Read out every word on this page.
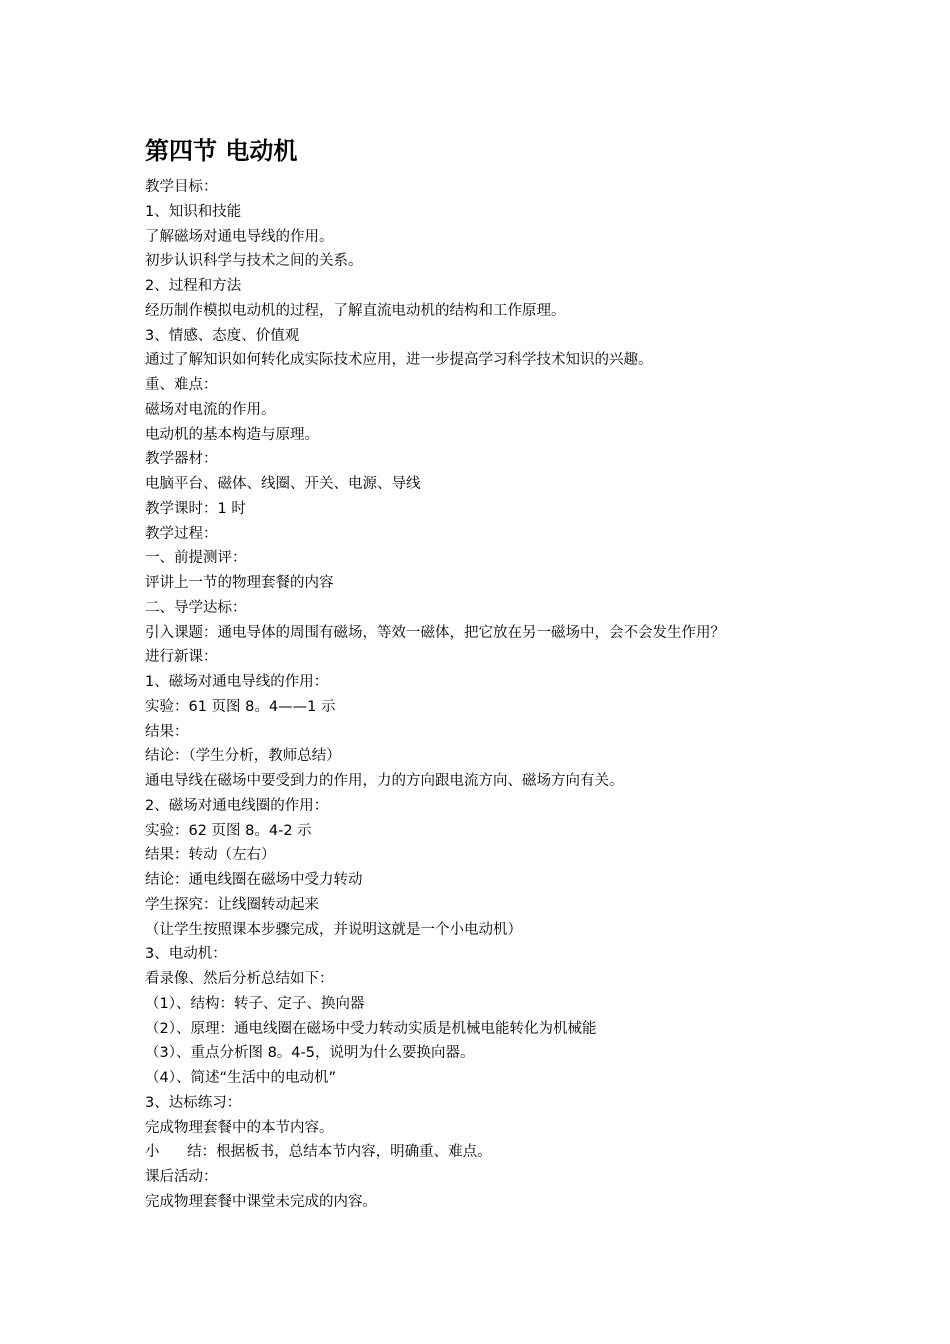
第四节 电动机
教学目标：
1、知识和技能
了解磁场对通电导线的作用。
初步认识科学与技术之间的关系。
2、过程和方法
经历制作模拟电动机的过程，了解直流电动机的结构和工作原理。
3、情感、态度、价值观
通过了解知识如何转化成实际技术应用，进一步提高学习科学技术知识的兴趣。
重、难点：
磁场对电流的作用。
电动机的基本构造与原理。
教学器材：
电脑平台、磁体、线圈、开关、电源、导线
教学课时：1 时
教学过程：
一、前提测评：
评讲上一节的物理套餐的内容
二、导学达标：
引入课题：通电导体的周围有磁场，等效一磁体，把它放在另一磁场中，会不会发生作用？
进行新课：
1、磁场对通电导线的作用：
实验：61 页图 8。4——1 示
结果：
结论：（学生分析，教师总结）
通电导线在磁场中要受到力的作用，力的方向跟电流方向、磁场方向有关。
2、磁场对通电线圈的作用：
实验：62 页图 8。4-2 示
结果：转动（左右）
结论：通电线圈在磁场中受力转动
学生探究：让线圈转动起来
（让学生按照课本步骤完成，并说明这就是一个小电动机）
3、电动机：
看录像、然后分析总结如下：
（1）、结构：转子、定子、换向器
（2）、原理：通电线圈在磁场中受力转动实质是机械电能转化为机械能
（3）、重点分析图 8。4-5，说明为什么要换向器。
（4）、简述“生活中的电动机”
3、达标练习：
完成物理套餐中的本节内容。
小      结：根据板书，总结本节内容，明确重、难点。
课后活动：
完成物理套餐中课堂未完成的内容。
